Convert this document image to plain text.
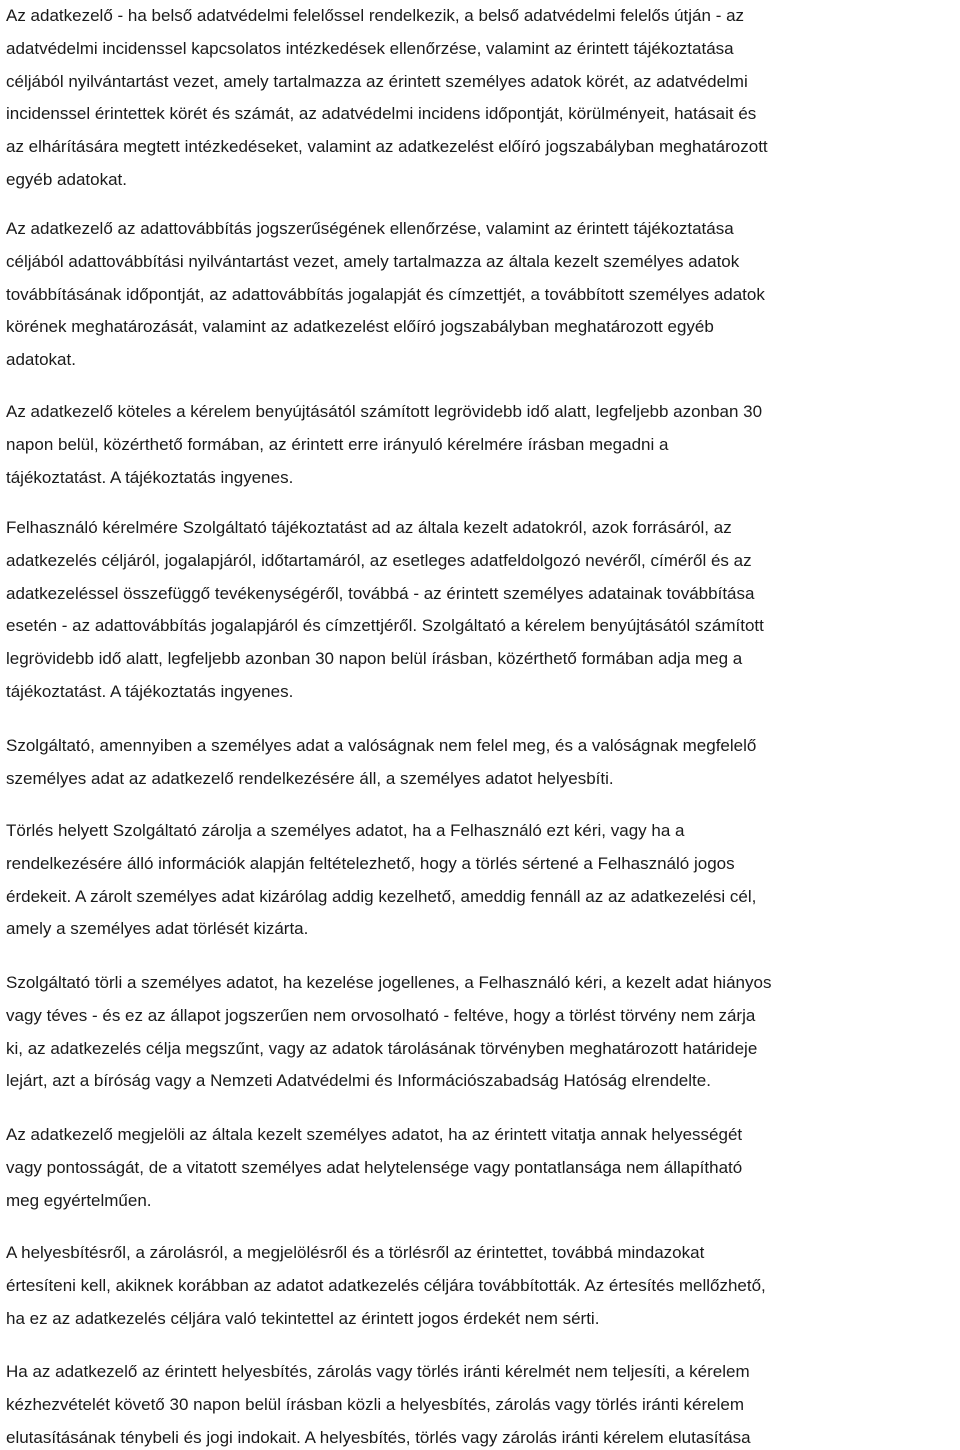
Az adatkezelő - ha belső adatvédelmi felelőssel rendelkezik, a belső adatvédelmi felelős útján - az
adatvédelmi incidenssel kapcsolatos intézkedések ellenőrzése, valamint az érintett tájékoztatása
céljából nyilvántartást vezet, amely tartalmazza az érintett személyes adatok körét, az adatvédelmi
incidenssel érintettek körét és számát, az adatvédelmi incidens időpontját, körülményeit, hatásait és
az elhárítására megtett intézkedéseket, valamint az adatkezelést előíró jogszabályban meghatározott
egyéb adatokat.

Az adatkezelő az adattovábbítás jogszerűségének ellenőrzése, valamint az érintett tájékoztatása
céljából adattovábbítási nyilvántartást vezet, amely tartalmazza az általa kezelt személyes adatok
továbbításának időpontját, az adattovábbítás jogalapját és címzettjét, a továbbított személyes adatok
körének meghatározását, valamint az adatkezelést előíró jogszabályban meghatározott egyéb
adatokat.

Az adatkezelő köteles a kérelem benyújtásától számított legrövidebb idő alatt, legfeljebb azonban 30
napon belül, közérthető formában, az érintett erre irányuló kérelmére írásban megadni a
tájékoztatást. A tájékoztatás ingyenes.

Felhasználó kérelmére Szolgáltató tájékoztatást ad az általa kezelt adatokról, azok forrásáról, az
adatkezelés céljáról, jogalapjáról, időtartamáról, az esetleges adatfeldolgozó nevéről, címéről és az
adatkezeléssel összefüggő tevékenységéről, továbbá - az érintett személyes adatainak továbbítása
esetén - az adattovábbítás jogalapjáról és címzettjéről. Szolgáltató a kérelem benyújtásától számított
legrövidebb idő alatt, legfeljebb azonban 30 napon belül írásban, közérthető formában adja meg a
tájékoztatást. A tájékoztatás ingyenes.

Szolgáltató, amennyiben a személyes adat a valóságnak nem felel meg, és a valóságnak megfelelő
személyes adat az adatkezelő rendelkezésére áll, a személyes adatot helyesbíti.

Törlés helyett Szolgáltató zárolja a személyes adatot, ha a Felhasználó ezt kéri, vagy ha a
rendelkezésére álló információk alapján feltételezhető, hogy a törlés sértené a Felhasználó jogos
érdekeit. A zárolt személyes adat kizárólag addig kezelhető, ameddig fennáll az az adatkezelési cél,
amely a személyes adat törlését kizárta.

Szolgáltató törli a személyes adatot, ha kezelése jogellenes, a Felhasználó kéri, a kezelt adat hiányos
vagy téves - és ez az állapot jogszerűen nem orvosolható - feltéve, hogy a törlést törvény nem zárja
ki, az adatkezelés célja megszűnt, vagy az adatok tárolásának törvényben meghatározott határideje
lejárt, azt a bíróság vagy a Nemzeti Adatvédelmi és Információszabadság Hatóság elrendelte.

Az adatkezelő megjelöli az általa kezelt személyes adatot, ha az érintett vitatja annak helyességét
vagy pontosságát, de a vitatott személyes adat helytelensége vagy pontatlansága nem állapítható
meg egyértelműen.

A helyesbítésről, a zárolásról, a megjelölésről és a törlésről az érintettet, továbbá mindazokat
értesíteni kell, akiknek korábban az adatot adatkezelés céljára továbbították. Az értesítés mellőzhető,
ha ez az adatkezelés céljára való tekintettel az érintett jogos érdekét nem sérti.

Ha az adatkezelő az érintett helyesbítés, zárolás vagy törlés iránti kérelmét nem teljesíti, a kérelem
kézhezvételét követő 30 napon belül írásban közli a helyesbítés, zárolás vagy törlés iránti kérelem
elutasításának ténybeli és jogi indokait. A helyesbítés, törlés vagy zárolás iránti kérelem elutasítása
